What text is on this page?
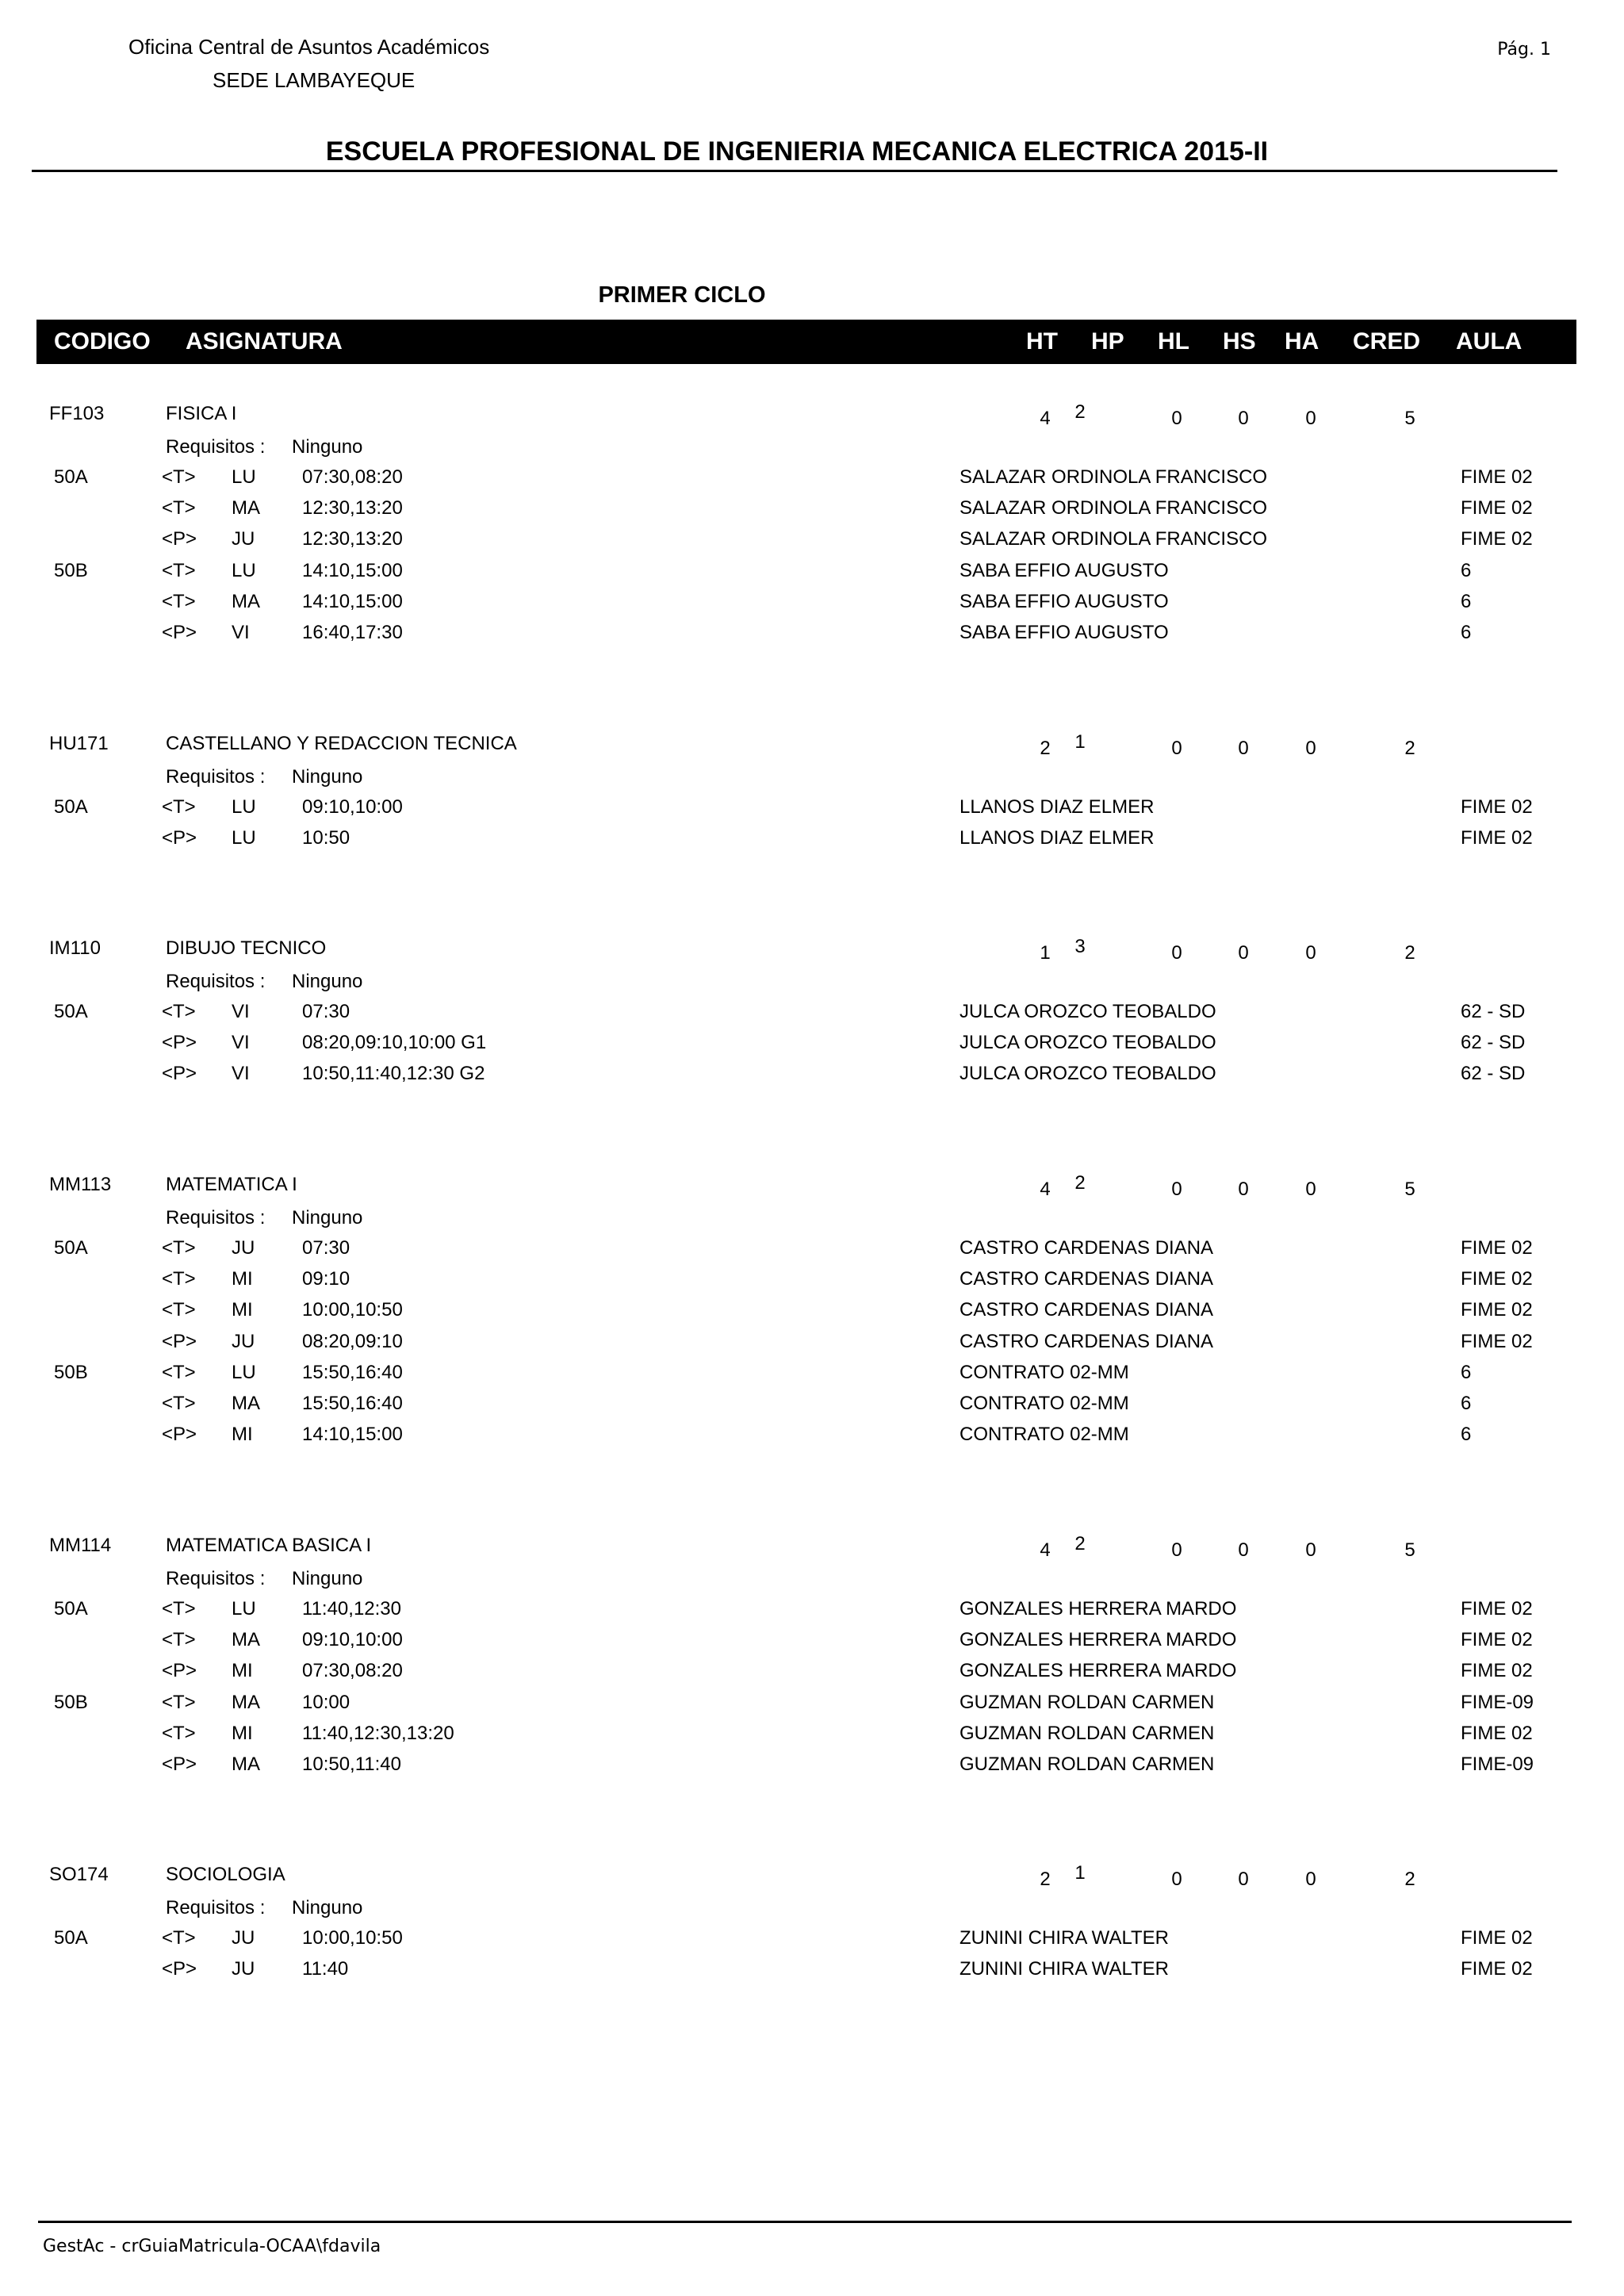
Oficina Central de Asuntos Académicos
SEDE LAMBAYEQUE
Pág. 1
ESCUELA PROFESIONAL DE INGENIERIA MECANICA ELECTRICA 2015-II
PRIMER CICLO
CODIGO ASIGNATURA	HT HP HL HS HA CRED AULA
FF103	FISICA I	4 2	0	0	0	5
Requisitos : Ninguno
50A	<T> LU 07:30,08:20	SALAZAR ORDINOLA FRANCISCO	FIME 02
<T> MA 12:30,13:20	SALAZAR ORDINOLA FRANCISCO	FIME 02
<P> JU 12:30,13:20	SALAZAR ORDINOLA FRANCISCO	FIME 02
50B	<T> LU 14:10,15:00	SABA EFFIO AUGUSTO	6
<T> MA 14:10,15:00	SABA EFFIO AUGUSTO	6
<P> VI	16:40,17:30	SABA EFFIO AUGUSTO	6
HU171	CASTELLANO Y REDACCION TECNICA	2 1	0	0	0	2
Requisitos : Ninguno
50A	<T> LU 09:10,10:00	LLANOS DIAZ ELMER	FIME 02
<P> LU 10:50	LLANOS DIAZ ELMER	FIME 02
IM110	DIBUJO TECNICO	1 3	0	0	0	2
Requisitos : Ninguno
50A	<T> VI	07:30	JULCA OROZCO TEOBALDO	62 - SD
<P> VI	08:20,09:10,10:00 G1	JULCA OROZCO TEOBALDO	62 - SD
<P> VI	10:50,11:40,12:30 G2	JULCA OROZCO TEOBALDO	62 - SD
MM113	MATEMATICA I	4 2	0	0	0	5
Requisitos : Ninguno
50A	<T> JU 07:30	CASTRO CARDENAS DIANA	FIME 02
<T> MI	09:10	CASTRO CARDENAS DIANA	FIME 02
<T> MI	10:00,10:50	CASTRO CARDENAS DIANA	FIME 02
<P> JU 08:20,09:10	CASTRO CARDENAS DIANA	FIME 02
50B	<T> LU 15:50,16:40	CONTRATO 02-MM	6
<T> MA 15:50,16:40	CONTRATO 02-MM	6
<P> MI	14:10,15:00	CONTRATO 02-MM	6
MM114	MATEMATICA BASICA I	4 2	0	0	0	5
Requisitos : Ninguno
50A	<T> LU 11:40,12:30	GONZALES HERRERA MARDO	FIME 02
<T> MA 09:10,10:00	GONZALES HERRERA MARDO	FIME 02
<P> MI	07:30,08:20	GONZALES HERRERA MARDO	FIME 02
50B	<T> MA 10:00	GUZMAN ROLDAN CARMEN	FIME-09
<T> MI	11:40,12:30,13:20	GUZMAN ROLDAN CARMEN	FIME 02
<P> MA 10:50,11:40	GUZMAN ROLDAN CARMEN	FIME-09
SO174	SOCIOLOGIA	2 1	0	0	0	2
Requisitos : Ninguno
50A	<T> JU 10:00,10:50	ZUNINI CHIRA WALTER	FIME 02
<P> JU 11:40	ZUNINI CHIRA WALTER	FIME 02
GestAc - crGuiaMatricula-OCAA\fdavila
